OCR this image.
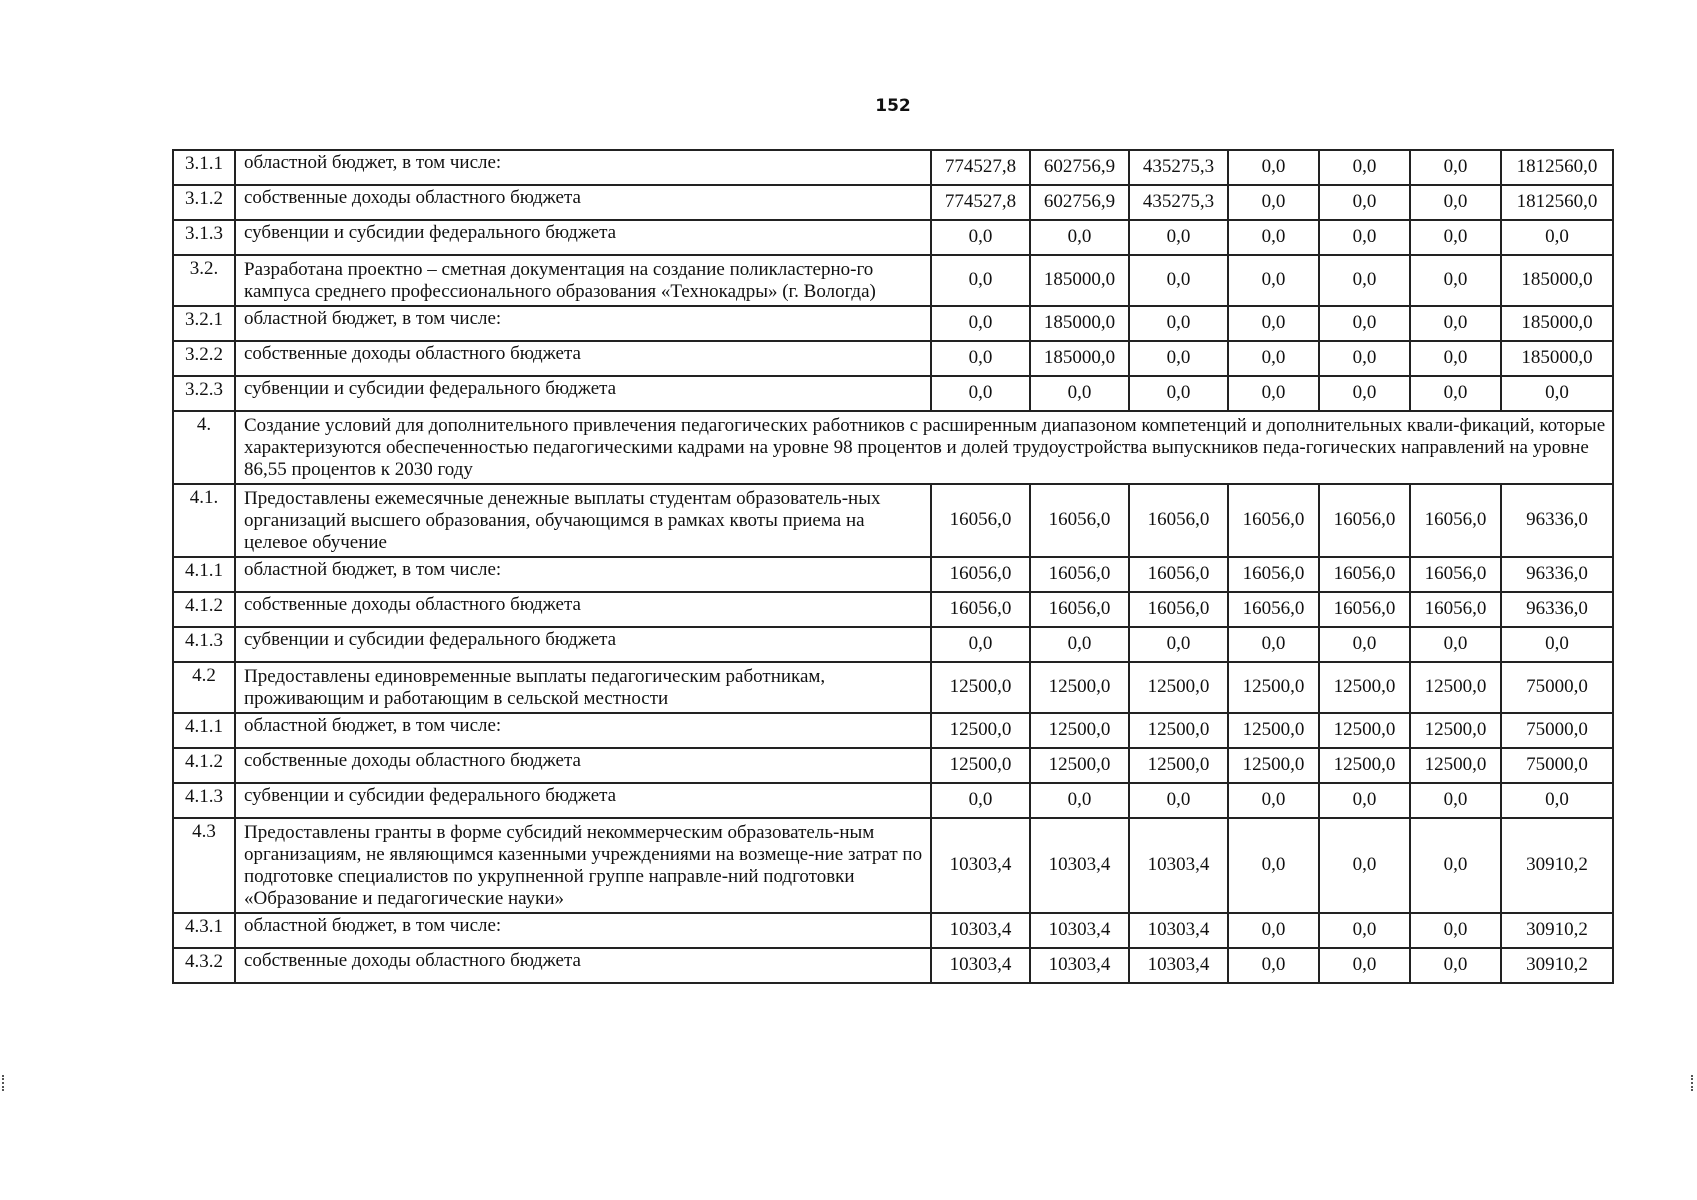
152
3.1.1	областной бюджет, в том числе:	774527,8	602756,9	435275,3	0,0	0,0	0,0	1812560,0
3.1.2	собственные доходы областного бюджета	774527,8	602756,9	435275,3	0,0	0,0	0,0	1812560,0
3.1.3	субвенции и субсидии федерального бюджета	0,0	0,0	0,0	0,0	0,0	0,0	0,0
3.2.	Разработана проектно – сметная документация на создание поликластерно-го кампуса среднего профессионального образования «Технокадры» (г. Вологда)	0,0	185000,0	0,0	0,0	0,0	0,0	185000,0
3.2.1	областной бюджет, в том числе:	0,0	185000,0	0,0	0,0	0,0	0,0	185000,0
3.2.2	собственные доходы областного бюджета	0,0	185000,0	0,0	0,0	0,0	0,0	185000,0
3.2.3	субвенции и субсидии федерального бюджета	0,0	0,0	0,0	0,0	0,0	0,0	0,0
4.	Создание условий для дополнительного привлечения педагогических работников с расширенным диапазоном компетенций и дополнительных квали-фикаций, которые характеризуются обеспеченностью педагогическими кадрами на уровне 98 процентов и долей трудоустройства выпускников педа-гогических направлений на уровне 86,55 процентов к 2030 году							
4.1.	Предоставлены ежемесячные денежные выплаты студентам образователь-ных организаций высшего образования, обучающимся в рамках квоты приема на целевое обучение	16056,0	16056,0	16056,0	16056,0	16056,0	16056,0	96336,0
4.1.1	областной бюджет, в том числе:	16056,0	16056,0	16056,0	16056,0	16056,0	16056,0	96336,0
4.1.2	собственные доходы областного бюджета	16056,0	16056,0	16056,0	16056,0	16056,0	16056,0	96336,0
4.1.3	субвенции и субсидии федерального бюджета	0,0	0,0	0,0	0,0	0,0	0,0	0,0
4.2	Предоставлены единовременные выплаты педагогическим работникам, проживающим и работающим в сельской местности	12500,0	12500,0	12500,0	12500,0	12500,0	12500,0	75000,0
4.1.1	областной бюджет, в том числе:	12500,0	12500,0	12500,0	12500,0	12500,0	12500,0	75000,0
4.1.2	собственные доходы областного бюджета	12500,0	12500,0	12500,0	12500,0	12500,0	12500,0	75000,0
4.1.3	субвенции и субсидии федерального бюджета	0,0	0,0	0,0	0,0	0,0	0,0	0,0
4.3	Предоставлены гранты в форме субсидий некоммерческим образователь-ным организациям, не являющимся казенными учреждениями на возмеще-ние затрат по подготовке специалистов по укрупненной группе направле-ний подготовки «Образование и педагогические науки»	10303,4	10303,4	10303,4	0,0	0,0	0,0	30910,2
4.3.1	областной бюджет, в том числе:	10303,4	10303,4	10303,4	0,0	0,0	0,0	30910,2
4.3.2	собственные доходы областного бюджета	10303,4	10303,4	10303,4	0,0	0,0	0,0	30910,2
